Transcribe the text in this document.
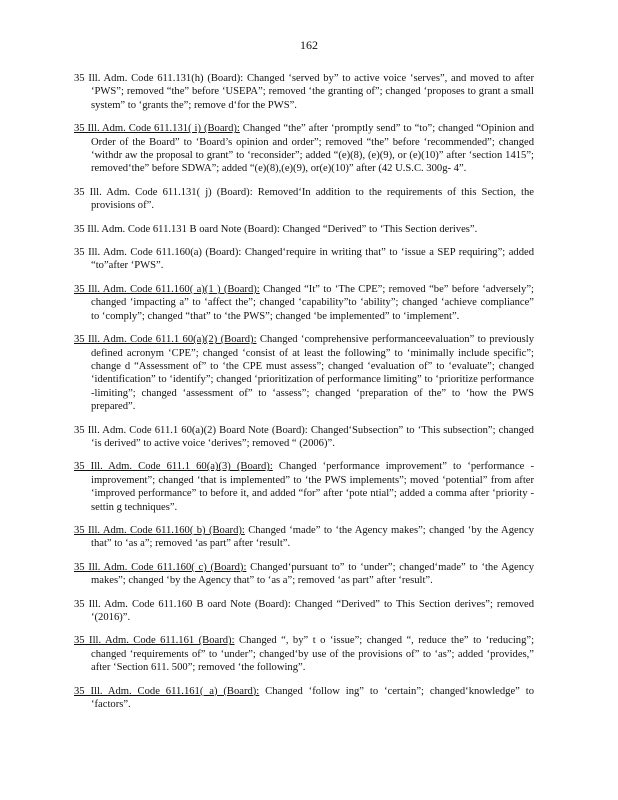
162

35 Ill. Adm. Code 611.131(h) (Board): Changed ‘served by” to active voice ‘serves”, and moved to after ‘PWS”; removed “the” before ‘USEPA”; removed ‘the granting of”; changed ‘proposes to grant a small system” to ‘grants the”; remove d‘for the PWS”.

35 Ill. Adm. Code 611.131( i) (Board): Changed “the” after ‘promptly send” to “to”; changed “Opinion and Order of the Board” to ‘Board’s opinion and order”; removed “the” before ‘recommended”; changed ‘withdr aw the proposal to grant” to ‘reconsider”; added “(e)(8), (e)(9), or (e)(10)” after ‘section 1415”; removed‘the” before SDWA”; added “(e)(8),(e)(9), or(e)(10)” after (42 U.S.C. 300g- 4”.

35 Ill. Adm. Code 611.131( j) (Board): Removed‘In addition to the requirements of this Section, the provisions of”.

35 Ill. Adm. Code 611.131 B oard Note (Board): Changed “Derived” to ‘This Section derives”.

35 Ill. Adm. Code 611.160(a) (Board): Changed‘require in writing that” to ‘issue a SEP requiring”; added “to”after ‘PWS”.

35 Ill. Adm. Code 611.160( a)(1 ) (Board): Changed “It” to ‘The CPE”; removed “be” before ‘adversely”; changed ‘impacting a” to ‘affect the”; changed ‘capability”to ‘ability”; changed ‘achieve compliance” to ‘comply”; changed “that” to ‘the PWS”; changed ‘be implemented” to ‘implement”.

35 Ill. Adm. Code 611.1 60(a)(2) (Board): Changed ‘comprehensive performanceevaluation” to previously defined acronym ‘CPE”; changed ‘consist of at least the following” to ‘minimally include specific”; change d “Assessment of” to ‘the CPE must assess”; changed ‘evaluation of” to ‘evaluate”; changed ‘identification” to ‘identify”; changed ‘prioritization of performance limiting” to ‘prioritize performance -limiting”; changed ‘assessment of” to ‘assess”; changed ‘preparation of the” to ‘how the PWS prepared”.

35 Ill. Adm. Code 611.1 60(a)(2) Board Note (Board): Changed‘Subsection” to ‘This subsection”; changed ‘is derived” to active voice ‘derives”; removed “ (2006)”.

35 Ill. Adm. Code 611.1 60(a)(3) (Board): Changed ‘performance improvement” to ‘performance -improvement”; changed ‘that is implemented” to ‘the PWS implements”; moved ‘potential” from after ‘improved performance” to before it, and added “for” after ‘pote ntial”; added a comma after ‘priority - settin g techniques”.

35 Ill. Adm. Code 611.160( b) (Board): Changed ‘made” to ‘the Agency makes”; changed ‘by the Agency that” to ‘as a”; removed ‘as part” after ‘result”.

35 Ill. Adm. Code 611.160( c) (Board): Changed‘pursuant to” to ‘under”; changed‘made” to ‘the Agency makes”; changed ‘by the Agency that” to ‘as a”; removed ‘as part” after ‘result”.

35 Ill. Adm. Code 611.160 B oard Note (Board): Changed “Derived” to This Section derives”; removed ‘(2016)”.

35 Ill. Adm. Code 611.161 (Board): Changed “, by” t o ‘issue”; changed “, reduce the” to ‘reducing”; changed ‘requirements of” to ‘under”; changed‘by use of the provisions of” to ‘as”; added ‘provides,” after ‘Section 611. 500”; removed ‘the following”.

35 Ill. Adm. Code 611.161( a) (Board): Changed ‘follow ing” to ‘certain”; changed‘knowledge” to ‘factors”.
